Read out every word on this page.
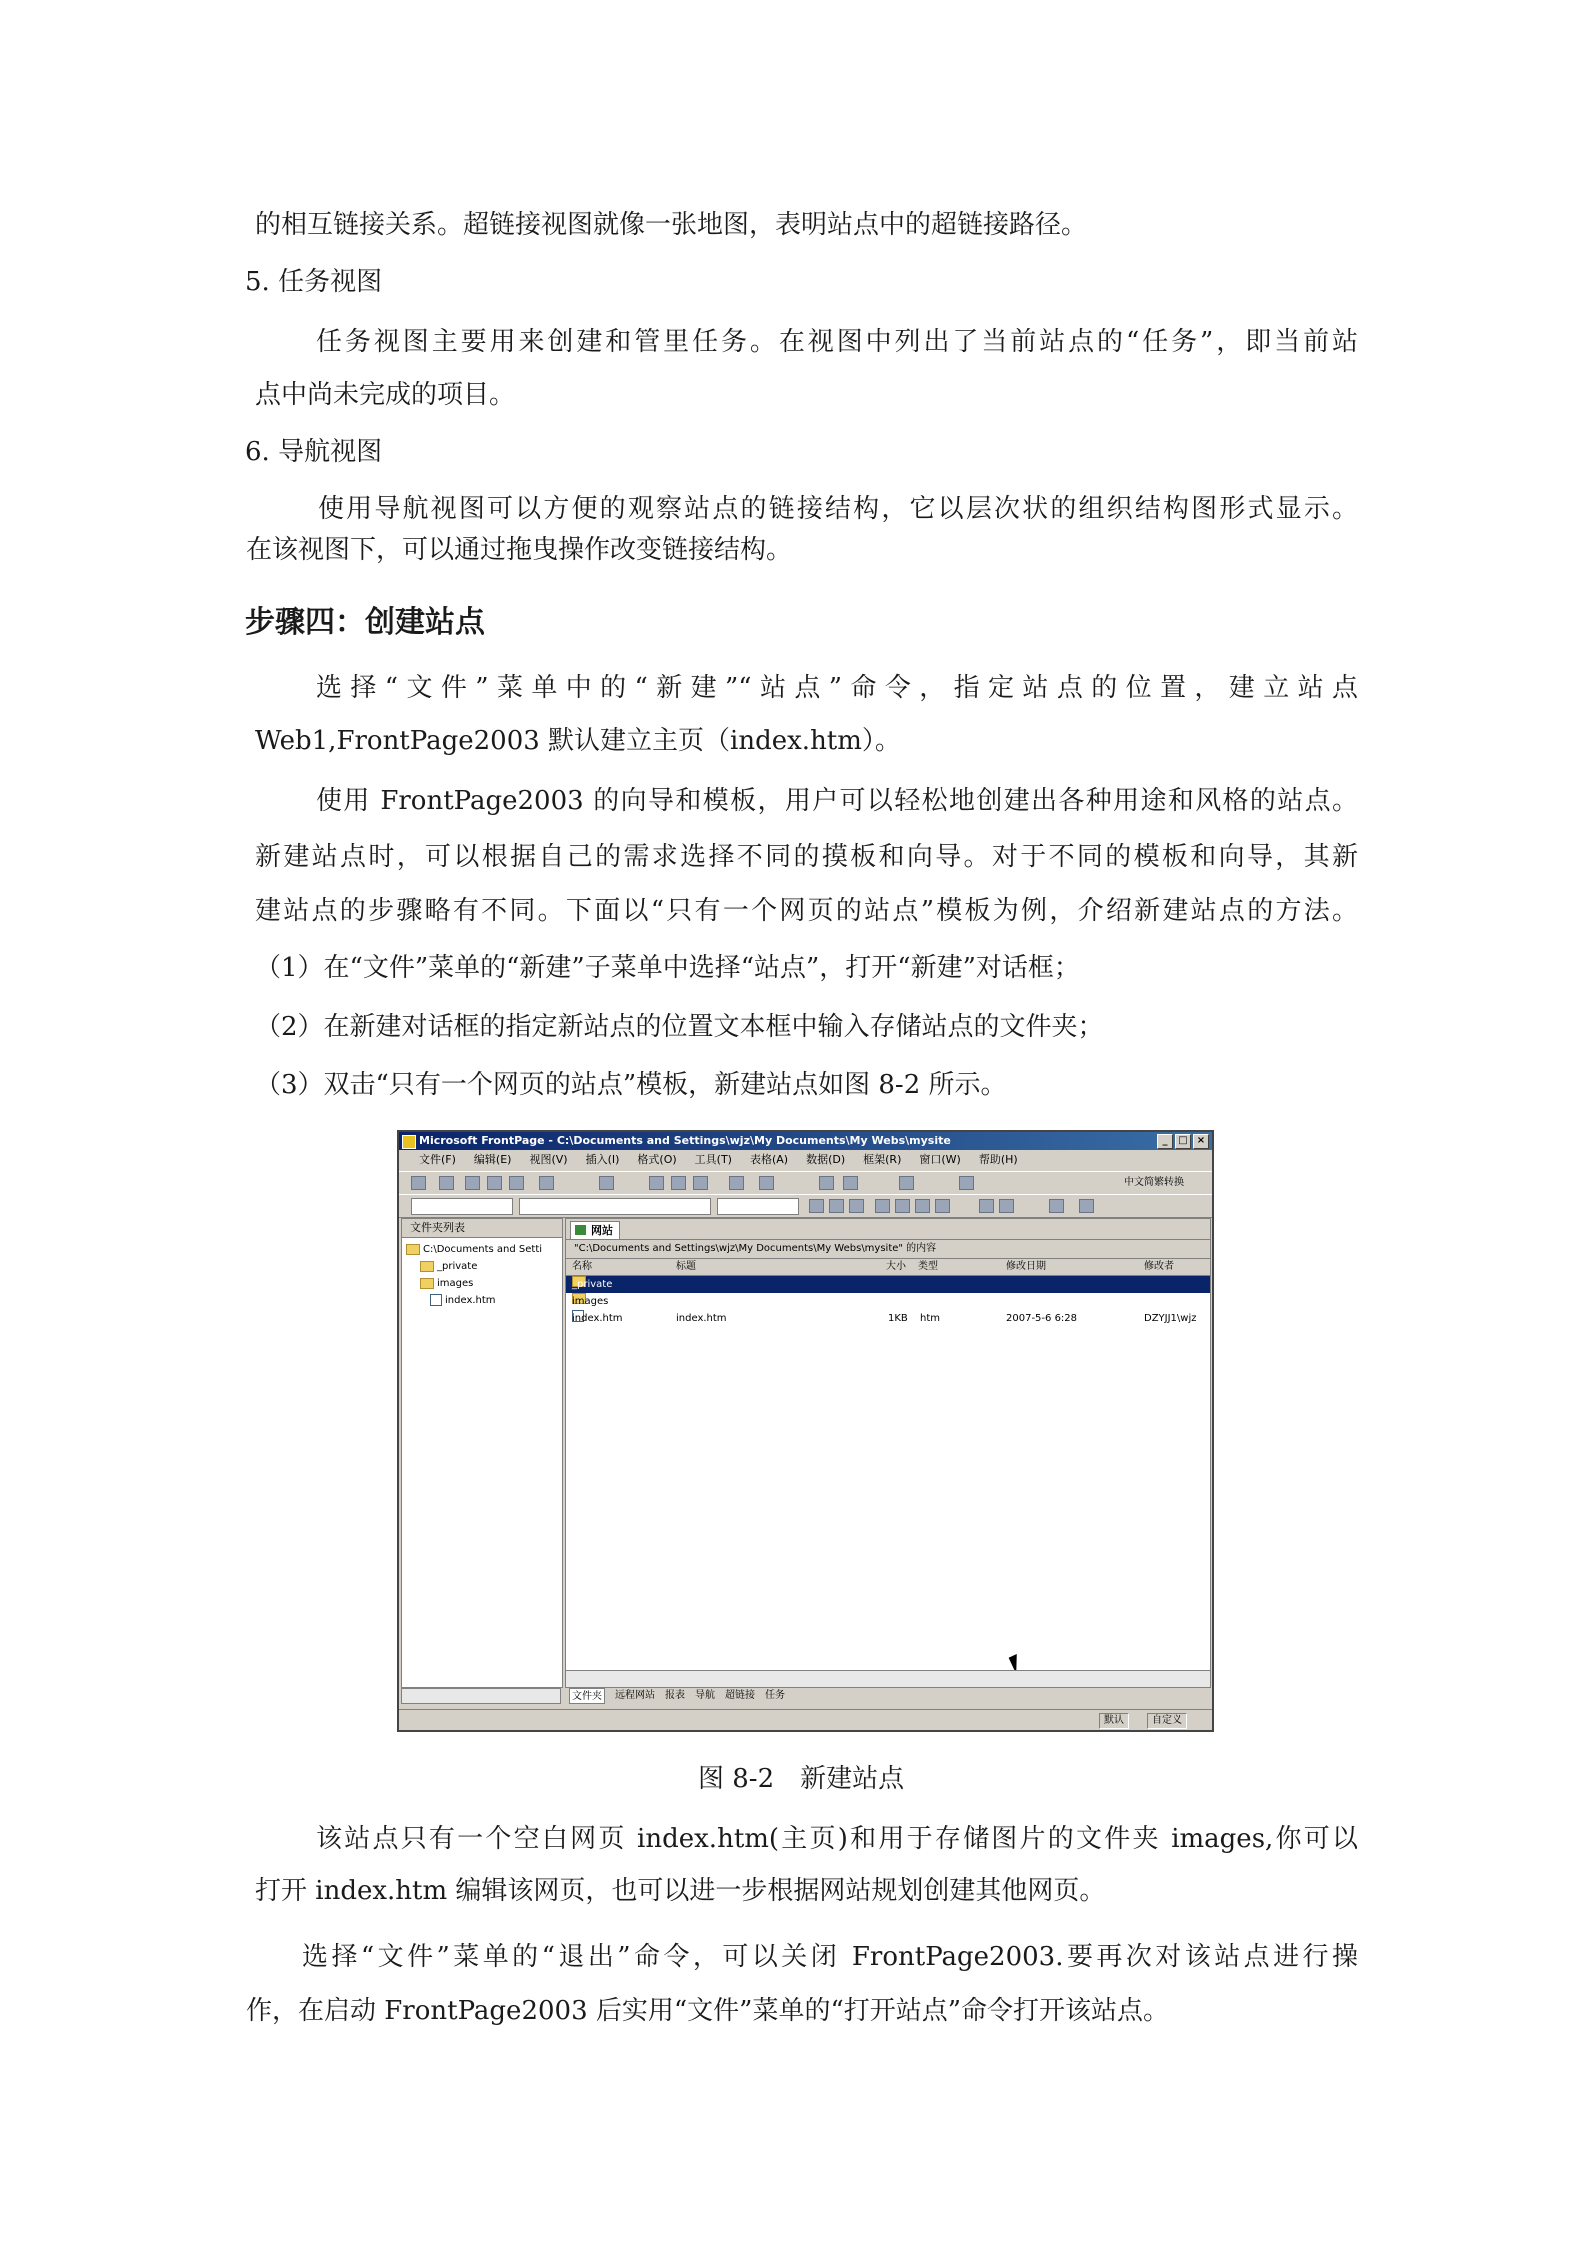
的相互链接关系。超链接视图就像一张地图，表明站点中的超链接路径。
5. 任务视图
任务视图主要用来创建和管里任务。在视图中列出了当前站点的“任务”，即当前站
点中尚未完成的项目。
6. 导航视图
使用导航视图可以方便的观察站点的链接结构，它以层次状的组织结构图形式显示。
在该视图下，可以通过拖曳操作改变链接结构。
步骤四：创建站点
选择“文件”菜单中的“新建”“站点”命令，指定站点的位置，建立站点
Web1,FrontPage2003 默认建立主页（index.htm）。
使用 FrontPage2003 的向导和模板，用户可以轻松地创建出各种用途和风格的站点。
新建站点时，可以根据自己的需求选择不同的摸板和向导。对于不同的模板和向导，其新
建站点的步骤略有不同。下面以“只有一个网页的站点”模板为例，介绍新建站点的方法。
（1）在“文件”菜单的“新建”子菜单中选择“站点”，打开“新建”对话框；
（2）在新建对话框的指定新站点的位置文本框中输入存储站点的文件夹；
（3）双击“只有一个网页的站点”模板，新建站点如图 8-2 所示。
Microsoft FrontPage - C:\Documents and Settings\wjz\My Documents\My Webs\mysite	_	□ ×
文件(F) 编辑(E) 视图(V) 插入(I) 格式(O) 工具(T) 表格(A) 数据(D) 框架(R) 窗口(W) 帮助(H)
中文简繁转换
文件夹列表
C:\Documents and Setti
_private
images
index.htm
网站
"C:\Documents and Settings\wjz\My Documents\My Webs\mysite" 的内容
名称	标题	大小 类型	修改日期	修改者
_private
images
index.htm	index.htm	1KB htm	2007-5-6 6:28	DZYJJ1\wjz
文件夹	远程网站 报表 导航 超链接 任务
默认	自定义
图 8-2　新建站点
该站点只有一个空白网页 index.htm(主页)和用于存储图片的文件夹 images,你可以
打开 index.htm 编辑该网页，也可以进一步根据网站规划创建其他网页。
选择“文件”菜单的“退出”命令，可以关闭 FrontPage2003.要再次对该站点进行操
作，在启动 FrontPage2003 后实用“文件”菜单的“打开站点”命令打开该站点。
